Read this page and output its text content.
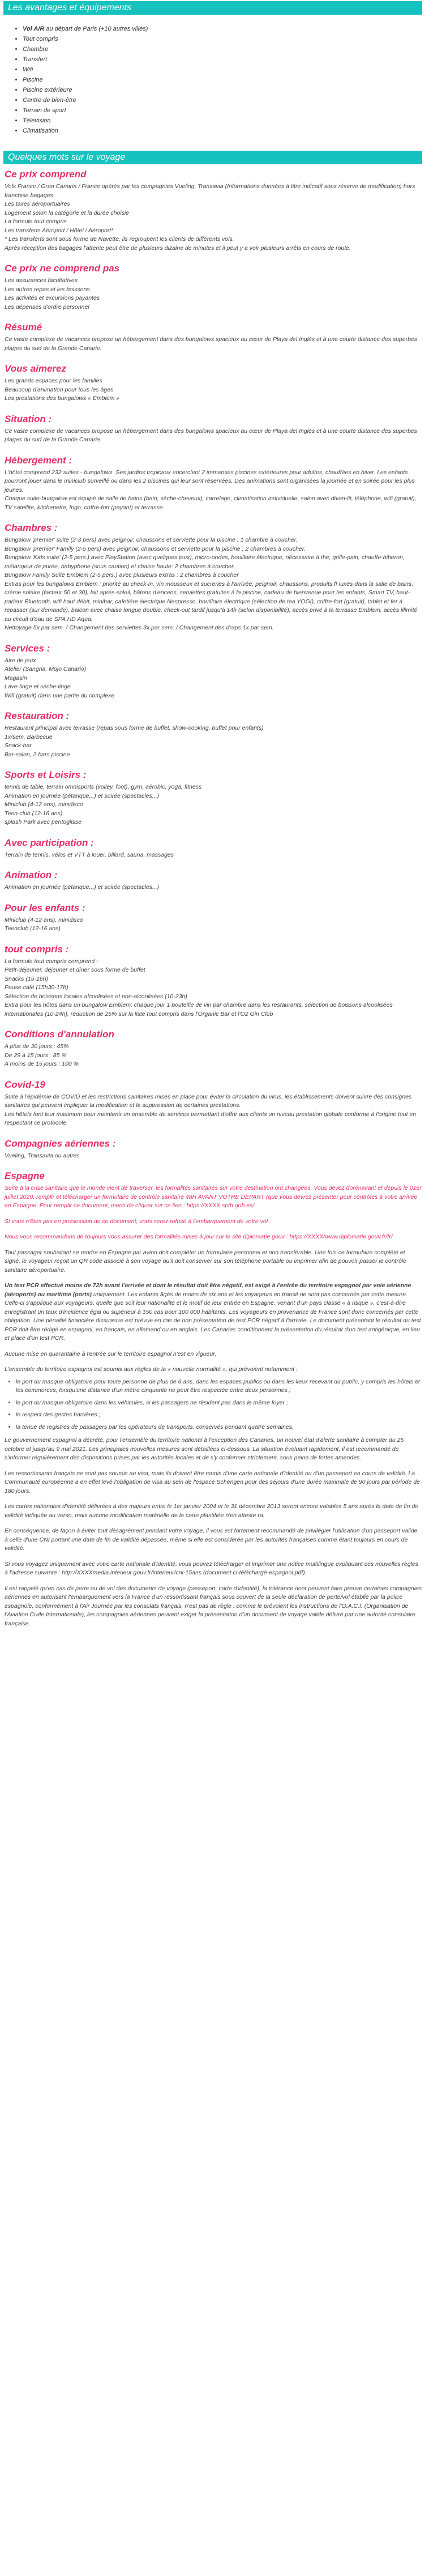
Les avantages et équipements
• Vol A/R au départ de Paris (+10 autres villes)
• Tout compris
• Chambre
• Transfert
• Wifi
• Piscine
• Piscine extérieure
• Centre de bien-être
• Terrain de sport
• Télévision
• Climatisation
Quelques mots sur le voyage
Ce prix comprend

Vols France / Gran Canaria / France opérés par les compagnies Vueling, Transavia (Informations données à titre indicatif sous réserve de modification) hors franchise bagages

Les taxes aéroportuaires

Logement selon la catégorie et la durée choisie

La formule tout compris

Les transferts Aéroport / Hôtel / Aéroport*

* Les transferts sont sous forme de Navette, ils regroupent les clients de différents vols.

Après réception des bagages l'attente peut être de plusieurs dizaine de minutes et il peut y a voir plusieurs arrêts en cours de route.

Ce prix ne comprend pas

Les assurances facultatives

Les autres repas et les boissons

Les activités et excursions payantes

Les dépenses d'ordre personnel

Résumé

Ce vaste complexe de vacances propose un hébergement dans des bungalows spacieux au cœur de Playa del Inglés et à une courte distance des superbes plages du sud de la Grande Canarie.

Vous aimerez

Les grands espaces pour les familles

Beaucoup d'animation pour tous les âges

Les prestations des bungalows « Emblem »

Situation :

Ce vaste complexe de vacances propose un hébergement dans des bungalows spacieux au cœur de Playa del Inglés et à une courte distance des superbes plages du sud de la Grande Canarie.

Hébergement :

L'hôtel comprend 232 suites - bungalows. Ses jardins tropicaux encerclent 2 immenses piscines extérieures pour adultes, chauffées en hiver. Les enfants pourront jouer dans le miniclub surveillé ou dans les 2 piscines qui leur sont réservées. Des animations sont organisées la journée et en soirée pour les plus jeunes.

Chaque suite-bungalow est équipé de salle de bains (bain, sèche-cheveux), carrelage, climatisation individuelle, salon avec divan-lit, téléphone, wifi (gratuit), TV satellite, kitchenette, frigo, coffre-fort (payant) et terrasse.

Chambres :

Bungalow 'premier' suite (2-3 pers) avec peignoir, chaussons et serviette pour la piscine : 1 chambre à coucher.

Bungalow 'premier' Family (2-5 pers) avec peignoir, chaussons et serviette pour la piscine : 2 chambres à coucher.

Bungalow 'Kids suite' (2-5 pers.) avec PlayStation (avec quelques jeux), micro-ondes, bouilloire électrique, nécessaire à thé, grille-pain, chauffe-biberon, mélangeur de purée, babyphone (sous caution) et chaise haute: 2 chambres à coucher.

Bungalow Family Suite Emblem (2-5 pers.) avec plusieurs extras : 2 chambres à coucher

Extras pour les bungalows Emblem : priorité au check-in, vin mousseux et sucreries à l'arrivée, peignoir, chaussons, produits fl Iuxés dans la salle de bains, crème solaire (facteur 50 et 30), lait après-soleil, bâtons d'encens, serviettes gratuites à la piscine, cadeau de bienvenue pour les enfants, Smart TV, haut-parleur Bluetooth, wifi haut débit, minibar, cafetière électrique Nespresso, bouilloire électrique (sélection de tea YOGI), coffre-fort (gratuit), tablet et fer à repasser (sur demande), balcon avec chaise longue double, check-out tardif jusqu'à 14h (selon disponibilité), accès privé à la terrasse Emblem, accès illimité au circuit d'eau de SPA HD Aqua.

Nettoyage 5x par sem. / Changement des serviettes 3x par sem. / Changement des draps 1x par sem.

Services :

Aire de jeux

Atelier (Sangria, Mojo Canario)

Magasin

Lave-linge et sèche-linge

Wifi (gratuit) dans une partie du complexe

Restauration :

Restaurant principal avec terrasse (repas sous forme de buffet, show-cooking, buffet pour enfants)

1x/sem. Barbecue

Snack-bar

Bar-salon, 2 bars piscine

Sports et Loisirs :

tennis de table, terrain omnisports (volley, foot), gym, aérobic, yoga, fitness

Animation en journée (pétanque...) et soirée (spectacles...)

Miniclub (4-12 ans), minidisco

Teen-club (12-16 ans)

splash Park avec pentoglisse

Avec participation :

Terrain de tennis, vélos et VTT à louer, billard, sauna, massages

Animation :

Animation en journée (pétanque...) et soirée (spectacles...)

Pour les enfants :

Miniclub (4-12 ans), minidisco

Teenclub (12-16 ans)

tout compris :

La formule tout compris comprend :

Petit-déjeuner, déjeuner et dîner sous forme de buffet

Snacks (15-16h)

Pause café (15h30-17h)

Sélection de boissons locales alcoolisées et non-alcoolisées (10-23h)

Extra pour les hôtes dans un bungalow Emblem: chaque jour 1 bouteille de vin par chambre dans les restaurants, sélection de boissons alcoolisées internationales (10-24h), réduction de 25% sur la liste tout compris dans l'Organic Bar et l'O2 Gin Club

Conditions d'annulation

A plus de 30 jours : 45%

De 29 à 15 jours : 85 %

A moins de 15 jours : 100 %

Covid-19

Suite à l'épidémie de COVID et les restrictions sanitaires mises en place pour éviter la circulation du virus, les établissements doivent suivre des consignes sanitaires qui peuvent impliquer la modification et la suppression de certaines prestations.

Les hôtels font leur maximum pour maintenir un ensemble de services permettant d'offrir aux clients un niveau prestation globale conforme à l'origine tout en respectant ce protocole.

Compagnies aériennes :

Vueling, Transavia ou autres

Espagne

Suite à la crise sanitaire que le monde vient de traverser, les formalités sanitaires sur votre destination ont changées. Vous devez dorénavant et depuis le 01er juillet 2020, remplir et télécharger un formulaire de contrôle sanitaire 48H AVANT VOTRE DEPART (que vous devrez présenter pour contrôles à votre arrivée en Espagne. Pour remplir ce document, merci de cliquer sur ce lien : https://XXXX.spth.gob.es/

Si vous n'êtes pas en possession de ce document, vous serez refusé à l'embarquement de votre vol.

Nous vous recommandons de toujours vous assurer des formalités mises à jour sur le site diplomatie.gouv : https://XXXX/www.diplomatie.gouv.fr/fr/

Tout passager souhaitant se rendre en Espagne par avion doit compléter un formulaire personnel et non transférable. Une fois ce formulaire complété et signé, le voyageur reçoit un QR code associé à son voyage qu'il doit conserver sur son téléphone portable ou imprimer afin de pouvoir passer le contrôle sanitaire aéroportuaire.

Un test PCR effectué moins de 72h avant l'arrivée et dont le résultat doit être négatif, est exigé à l'entrée du territoire espagnol par voie aérienne (aéroports) ou maritime (ports) uniquement. Les enfants âgés de moins de six ans et les voyageurs en transit ne sont pas concernés par cette mesure. Celle-ci s'applique aux voyageurs, quelle que soit leur nationalité et le motif de leur entrée en Espagne, venant d'un pays classé « à risque », c'est-à-dire enregistrant un taux d'incidence égal ou supérieur à 150 cas pour 100 000 habitants. Les voyageurs en provenance de France sont donc concernés par cette obligation. Une pénalité financière dissuasive est prévue en cas de non présentation de test PCR négatif à l'arrivée. Le document présentant le résultat du test PCR doit être rédigé en espagnol, en français, en allemand ou en anglais. Les Canaries conditionnent la présentation du résultat d'un test antigénique, en lieu et place d'un test PCR.

Aucune mise en quarantaine à l'entrée sur le territoire espagnol n'est en vigueur.

L'ensemble du territoire espagnol est soumis aux règles de la « nouvelle normalité », qui prévoient notamment :

• le port du masque obligatoire pour toute personne de plus de 6 ans, dans les espaces publics ou dans les lieux recevant du public, y compris les hôtels et les commerces, lorsqu'une distance d'un mètre cinquante ne peut être respectée entre deux personnes ;
• le port du masque obligatoire dans les véhicules, si les passagers ne résident pas dans le même foyer ;
• le respect des gestes barrières ;
• la tenue de registres de passagers par les opérateurs de transports, conservés pendant quatre semaines.

Le gouvernement espagnol a décrété, pour l'ensemble du territoire national à l'exception des Canaries, un nouvel état d'alerte sanitaire à compter du 25 octobre et jusqu'au 9 mai 2021. Les principales nouvelles mesures sont détaillées ci-dessous. La situation évoluant rapidement, il est recommandé de s'informer régulièrement des dispositions prises par les autorités locales et de s'y conformer strictement, sous peine de fortes amendes.

Les ressortissants français ne sont pas soumis au visa, mais ils doivent être munis d'une carte nationale d'identité ou d'un passeport en cours de validité. La Communauté européenne a en effet levé l'obligation de visa au sein de l'espace Schengen pour des séjours d'une durée maximale de 90 jours par période de 180 jours.

Les cartes nationales d'identité délivrées à des majeurs entre le 1er janvier 2004 et le 31 décembre 2013 seront encore valables 5 ans après la date de fin de validité indiquée au verso, mais aucune modification matérielle de la carte plastifiée n'en atteste ra.

En conséquence, de façon à éviter tout désagrément pendant votre voyage, il vous est fortement recommandé de privilégier l'utilisation d'un passeport valide à celle d'une CNI portant une date de fin de validité dépassée, même si elle est considérée par les autorités françaises comme étant toujours en cours de validité.

Si vous voyagez uniquement avec votre carte nationale d'identité, vous pouvez télécharger et imprimer une notice multilingue expliquant ces nouvelles règles à l'adresse suivante : http://XXXXmedia.interieur.gouv.fr/interieur/cni-15ans (document ci-téléchargé-espagnol.pdf).

Il est rappelé qu'en cas de perte ou de vol des documents de voyage (passeport, carte d'identité), la tolérance dont peuvent faire preuve certaines compagnies aériennes en autorisant l'embarquement vers la France d'un ressortissant français sous couvert de la seule déclaration de perte/vol établie par la police espagnole, conformément à l'Air Journée par les consulats français, n'est pas de règle : comme le prévoient les instructions de l'O.A.C.I. (Organisation de l'Aviation Civile Internationale), les compagnies aériennes peuvent exiger la présentation d'un document de voyage valide délivré par une autorité consulaire française.
